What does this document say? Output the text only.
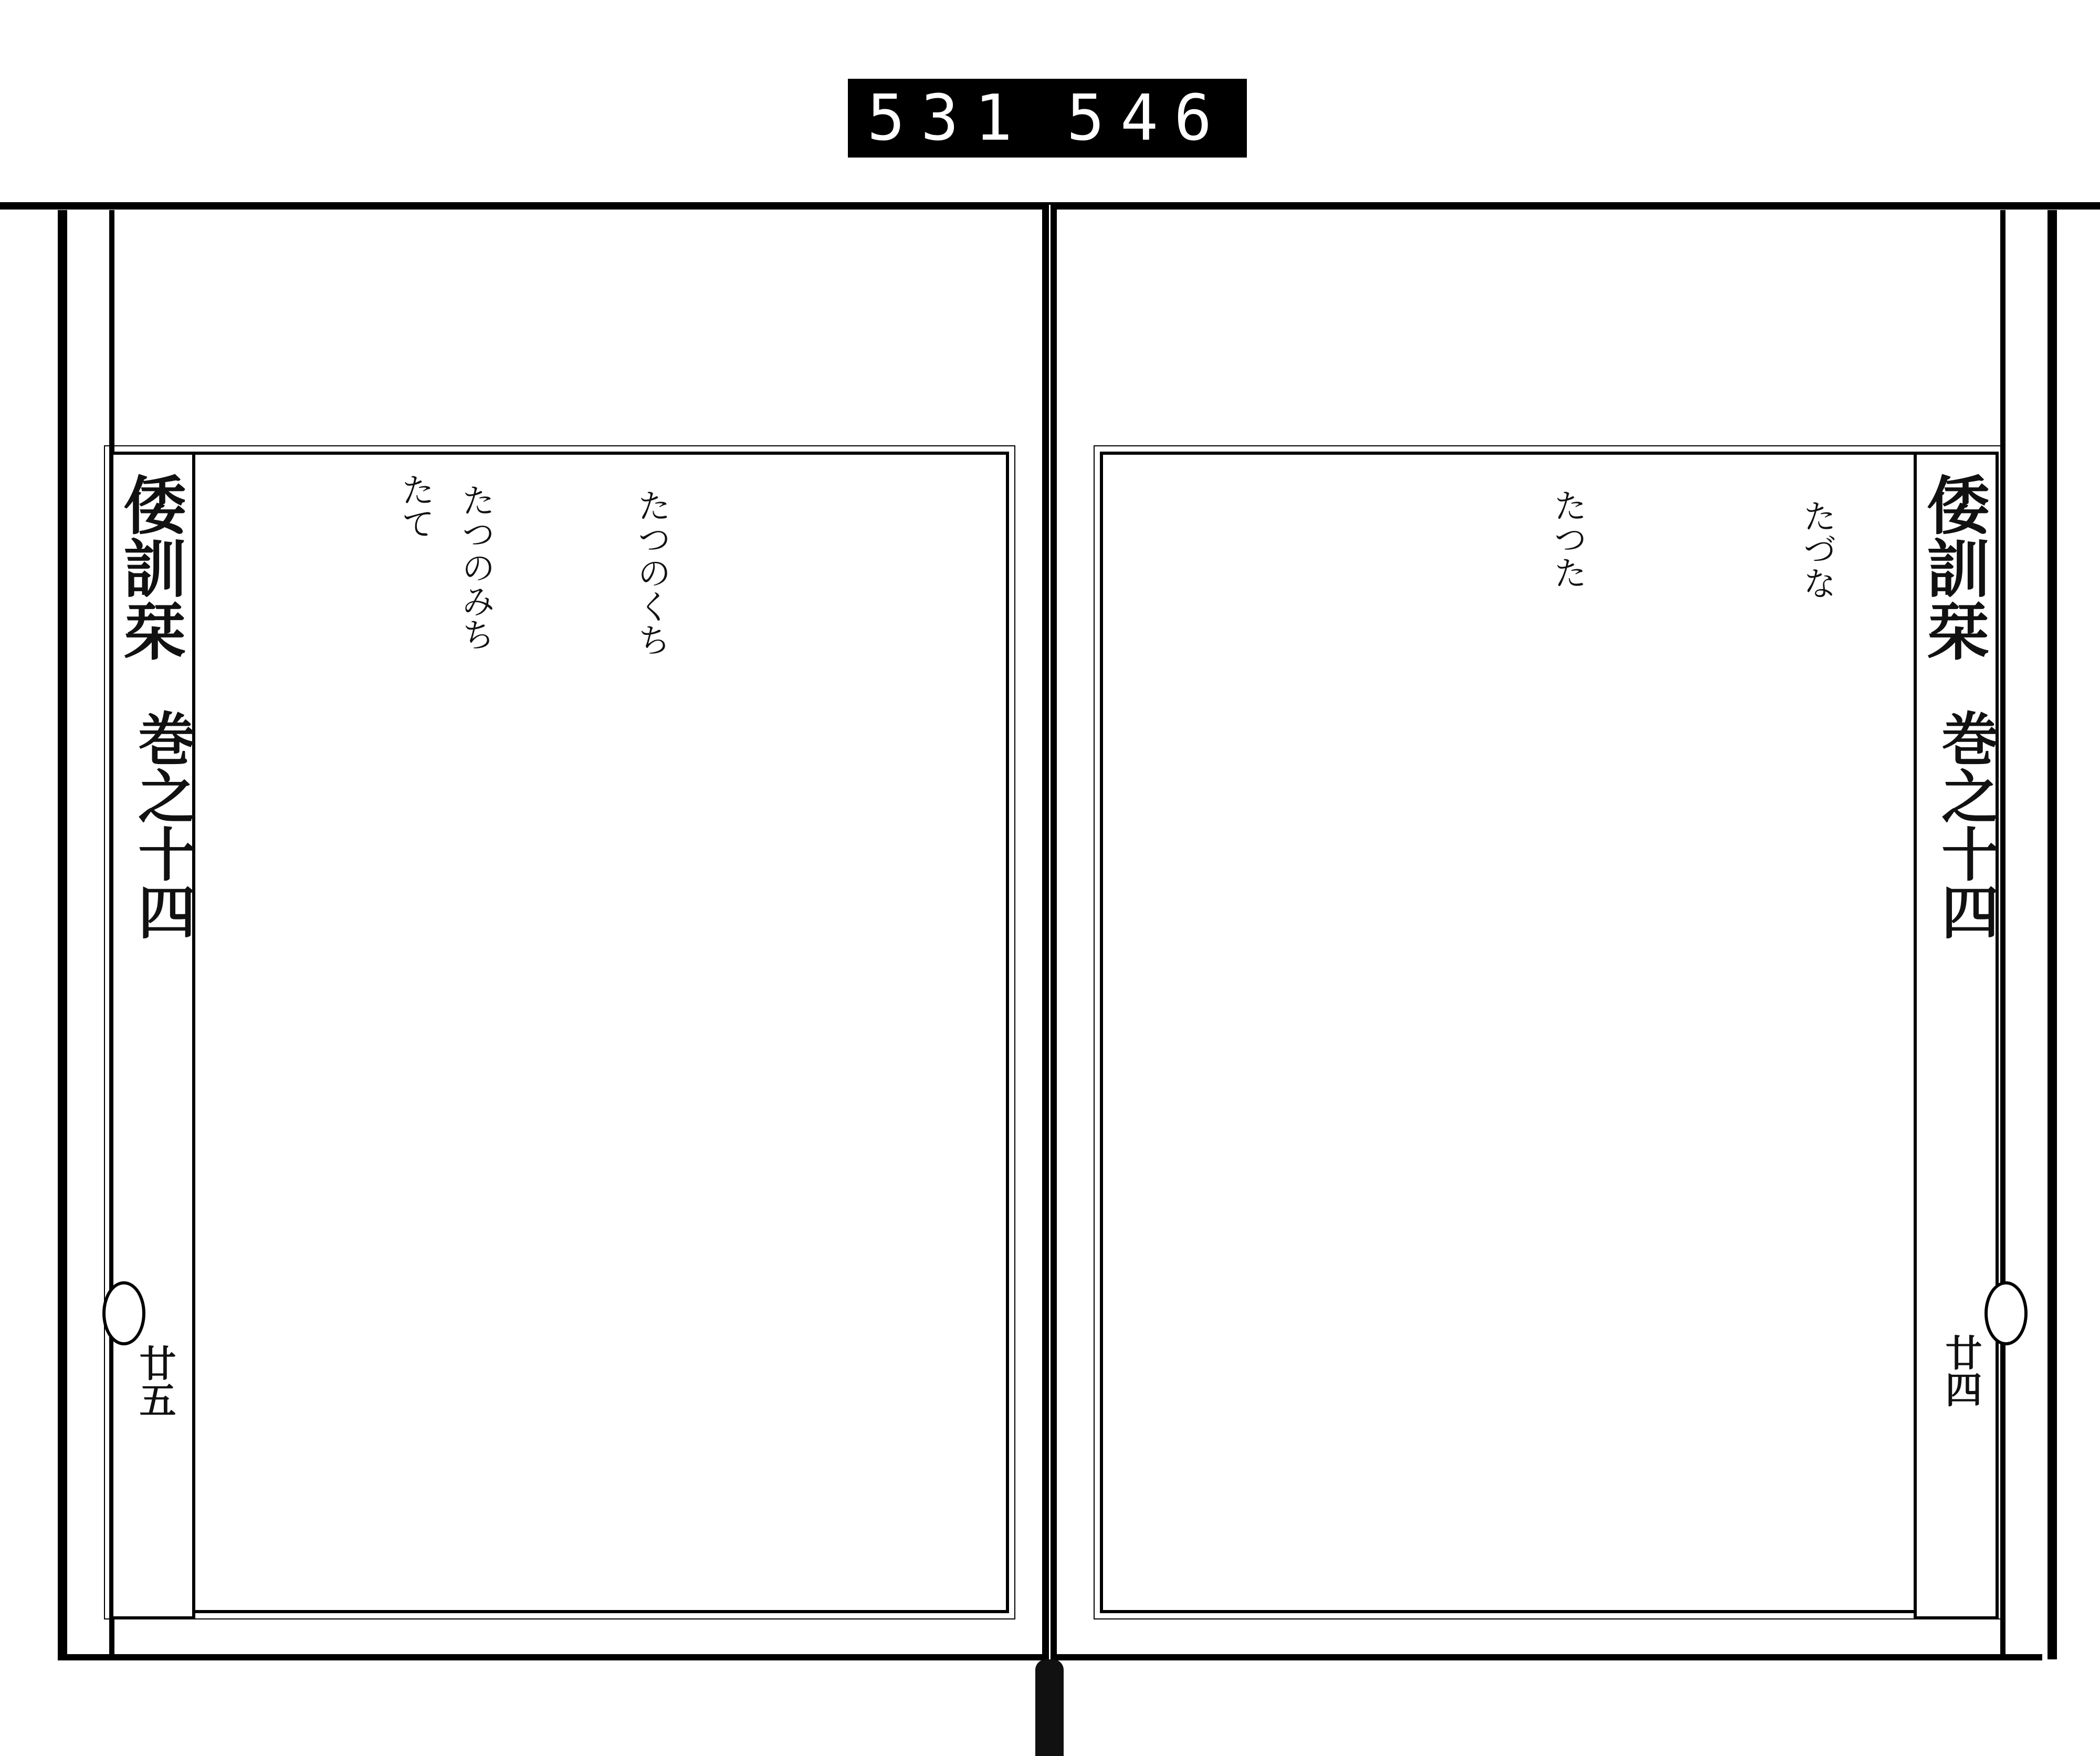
531 546
倭訓栞
巻之十四
廿五
たつのくち
たて たつのみち	倭訓栞
巻之十四
廿四
たづな
たつた
